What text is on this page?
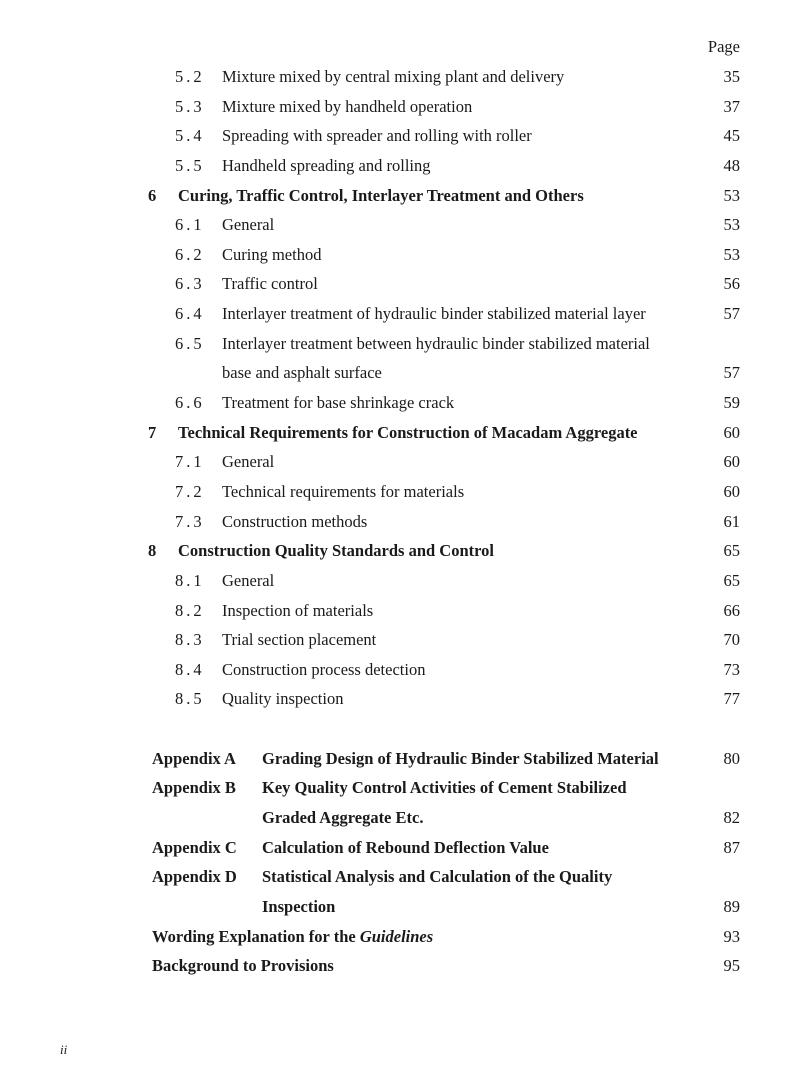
Page
5.2 Mixture mixed by central mixing plant and delivery	35
5.3 Mixture mixed by handheld operation	37
5.4 Spreading with spreader and rolling with roller	45
5.5 Handheld spreading and rolling	48
6 Curing, Traffic Control, Interlayer Treatment and Others	53
6.1 General	53
6.2 Curing method	53
6.3 Traffic control	56
6.4 Interlayer treatment of hydraulic binder stabilized material layer	57
6.5 Interlayer treatment between hydraulic binder stabilized material
base and asphalt surface	57
6.6 Treatment for base shrinkage crack	59
7 Technical Requirements for Construction of Macadam Aggregate	60
7.1 General	60
7.2 Technical requirements for materials	60
7.3 Construction methods	61
8 Construction Quality Standards and Control	65
8.1 General	65
8.2 Inspection of materials	66
8.3 Trial section placement	70
8.4 Construction process detection	73
8.5 Quality inspection	77
Appendix A Grading Design of Hydraulic Binder Stabilized Material	80
Appendix B Key Quality Control Activities of Cement Stabilized
Graded Aggregate Etc.	82
Appendix C Calculation of Rebound Deflection Value	87
Appendix D Statistical Analysis and Calculation of the Quality
Inspection	89
Wording Explanation for the Guidelines	93
Background to Provisions	95
ii
